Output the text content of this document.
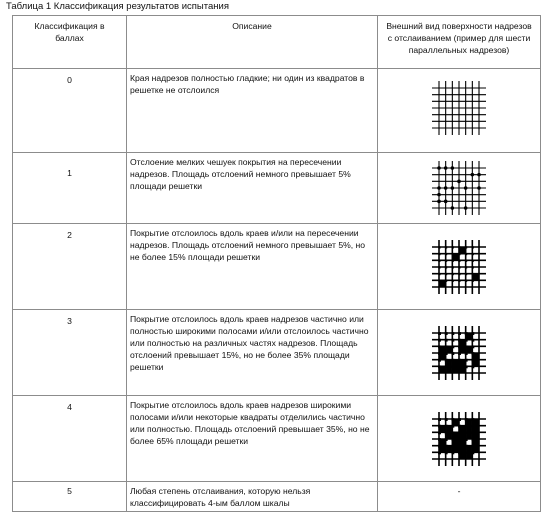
Таблица 1 Классификация результатов испытания
Классификация в баллах	Описание	Внешний вид поверхности надрезов с отслаиванием (пример для шести параллельных надрезов)

0	Края надрезов полностью гладкие; ни один из квадратов в решетке не отслоился	

1	Отслоение мелких чешуек покрытия на пересечении надрезов. Площадь отслоений немного превышает 5% площади решетки	

2	Покрытие отслоилось вдоль краев и/или на пересечении надрезов. Площадь отслоений немного превышает 5%, но не более 15% площади решетки	

3	Покрытие отслоилось вдоль краев надрезов частично или полностью широкими полосами и/или отслоилось частично или полностью на различных частях надрезов. Площадь отслоений превышает 15%, но не более 35% площади решетки	

4	Покрытие отслоилось вдоль краев надрезов широкими полосами и/или некоторые квадраты отделились частично или полностью. Площадь отслоений превышает 35%, но не более 65% площади решетки	

5	Любая степень отслаивания, которую нельзя классифицировать 4-ым баллом шкалы	-
